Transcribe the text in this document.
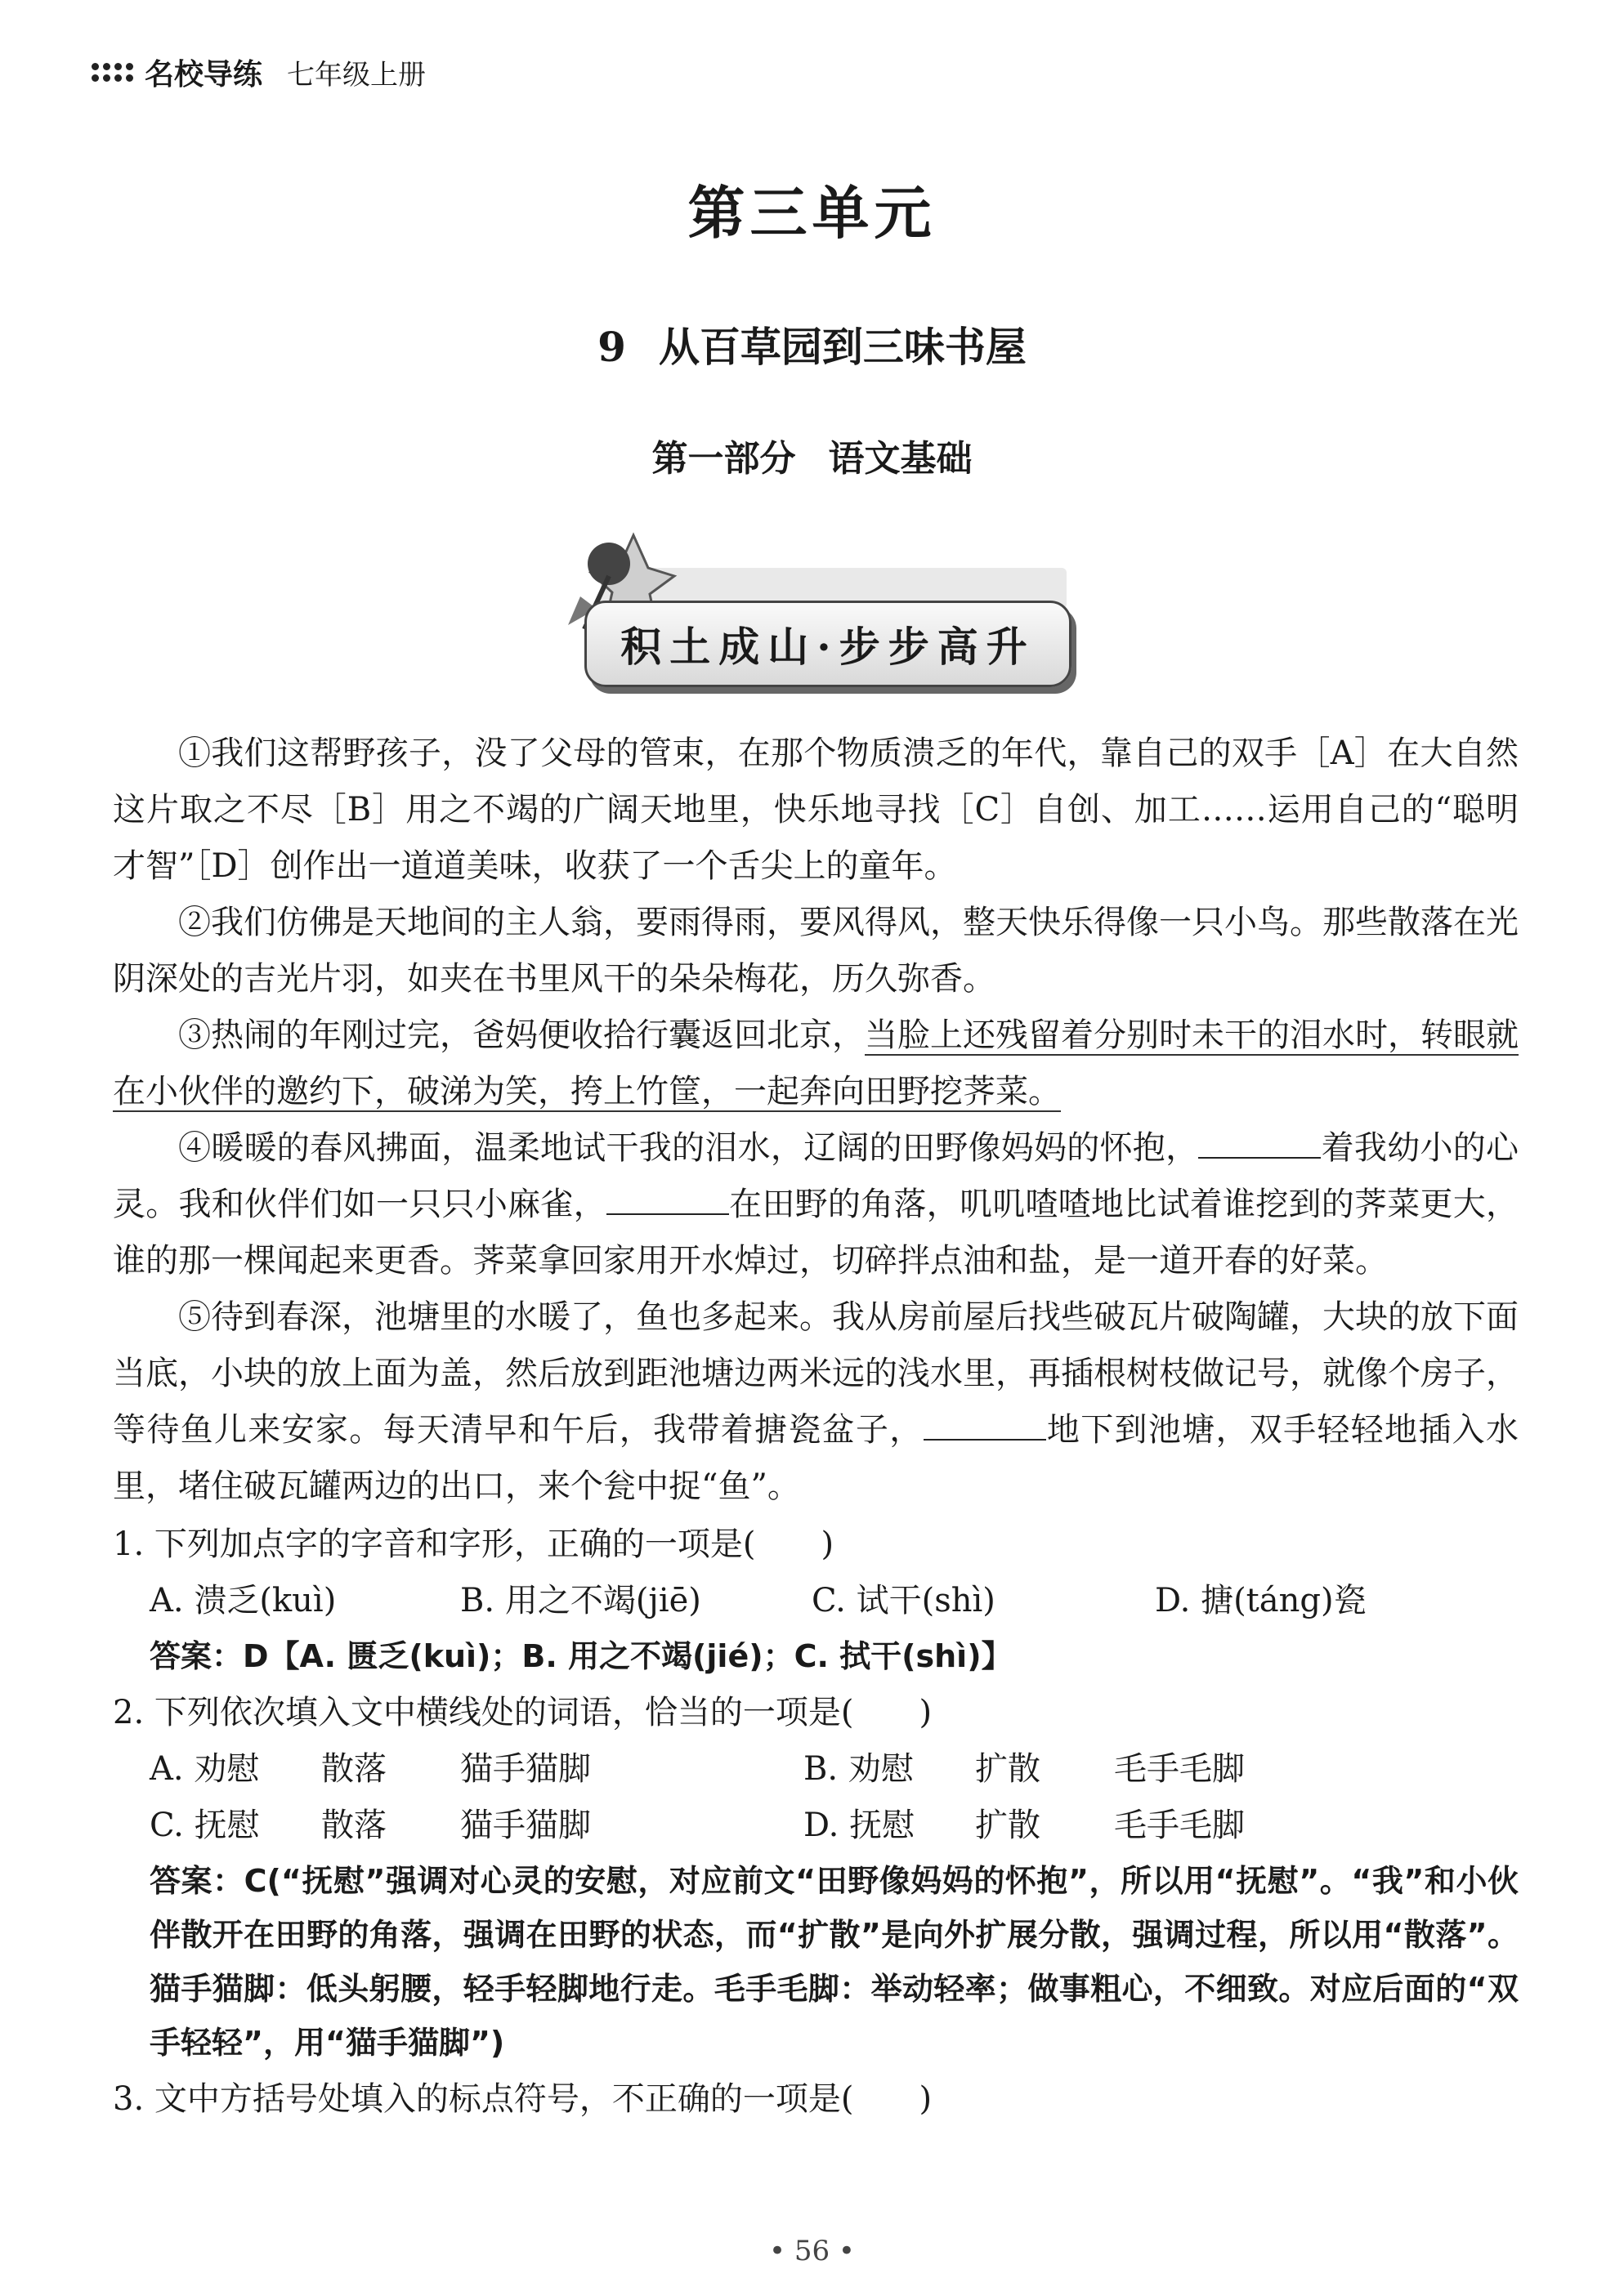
名校导练 七年级上册
第三单元
9 从百草园到三味书屋
第一部分 语文基础
积土成山·步步高升

①我们这帮野孩子，没了父母的管束，在那个物质溃乏的年代，靠自己的双手［A］在大自然这片取之不尽［B］用之不竭的广阔天地里，快乐地寻找［C］自创、加工……运用自己的“聪明才智”［D］创作出一道道美味，收获了一个舌尖上的童年。

②我们仿佛是天地间的主人翁，要雨得雨，要风得风，整天快乐得像一只小鸟。那些散落在光阴深处的吉光片羽，如夹在书里风干的朵朵梅花，历久弥香。

③热闹的年刚过完，爸妈便收拾行囊返回北京，当脸上还残留着分别时未干的泪水时，转眼就在小伙伴的邀约下，破涕为笑，挎上竹筐，一起奔向田野挖荠菜。

④暖暖的春风拂面，温柔地试干我的泪水，辽阔的田野像妈妈的怀抱，	着我幼小的心灵。我和伙伴们如一只只小麻雀，	在田野的角落，叽叽喳喳地比试着谁挖到的荠菜更大，谁的那一棵闻起来更香。荠菜拿回家用开水焯过，切碎拌点油和盐，是一道开春的好菜。

⑤待到春深，池塘里的水暖了，鱼也多起来。我从房前屋后找些破瓦片破陶罐，大块的放下面当底，小块的放上面为盖，然后放到距池塘边两米远的浅水里，再插根树枝做记号，就像个房子，等待鱼儿来安家。每天清早和午后，我带着搪瓷盆子，	地下到池塘，双手轻轻地插入水里，堵住破瓦罐两边的出口，来个瓮中捉“鱼”。

1. 下列加点字的字音和字形，正确的一项是(　　)

A. 溃乏(kuì)	B. 用之不竭(jiē)	C. 试干(shì)	D. 搪(táng)瓷
答案：D【A. 匮乏(kuì)；B. 用之不竭(jié)；C. 拭干(shì)】

2. 下列依次填入文中横线处的词语，恰当的一项是(　　)

A. 劝慰	散落	猫手猫脚	B. 劝慰	扩散	毛手毛脚
C. 抚慰	散落	猫手猫脚	D. 抚慰	扩散	毛手毛脚
答案：C(“抚慰”强调对心灵的安慰，对应前文“田野像妈妈的怀抱”，所以用“抚慰”。“我”和小伙伴散开在田野的角落，强调在田野的状态，而“扩散”是向外扩展分散，强调过程，所以用“散落”。猫手猫脚：低头躬腰，轻手轻脚地行走。毛手毛脚：举动轻率；做事粗心，不细致。对应后面的“双手轻轻”，用“猫手猫脚”)

3. 文中方括号处填入的标点符号，不正确的一项是(　　)

• 56 •
